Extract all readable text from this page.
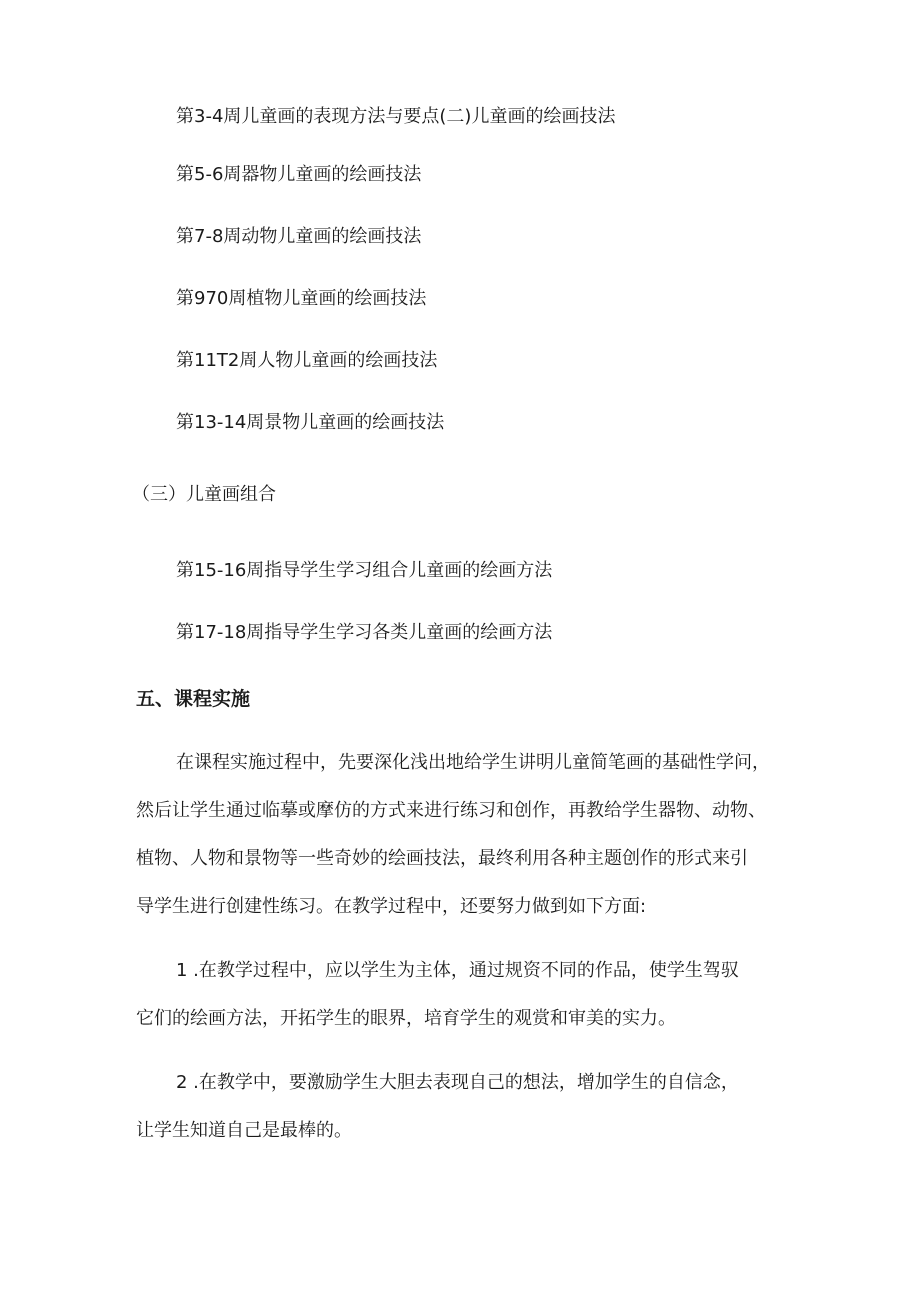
第3-4周儿童画的表现方法与要点(二)儿童画的绘画技法
第5-6周器物儿童画的绘画技法
第7-8周动物儿童画的绘画技法
第970周植物儿童画的绘画技法
第11T2周人物儿童画的绘画技法
第13-14周景物儿童画的绘画技法
（三）儿童画组合
第15-16周指导学生学习组合儿童画的绘画方法
第17-18周指导学生学习各类儿童画的绘画方法
五、课程实施
在课程实施过程中，先要深化浅出地给学生讲明儿童简笔画的基础性学问，
然后让学生通过临摹或摩仿的方式来进行练习和创作，再教给学生器物、动物、
植物、人物和景物等一些奇妙的绘画技法，最终利用各种主题创作的形式来引
导学生进行创建性练习。在教学过程中，还要努力做到如下方面:
1 .在教学过程中，应以学生为主体，通过规资不同的作品，使学生驾驭
它们的绘画方法，开拓学生的眼界，培育学生的观赏和审美的实力。
2 .在教学中，要激励学生大胆去表现自己的想法，增加学生的自信念，
让学生知道自己是最棒的。
